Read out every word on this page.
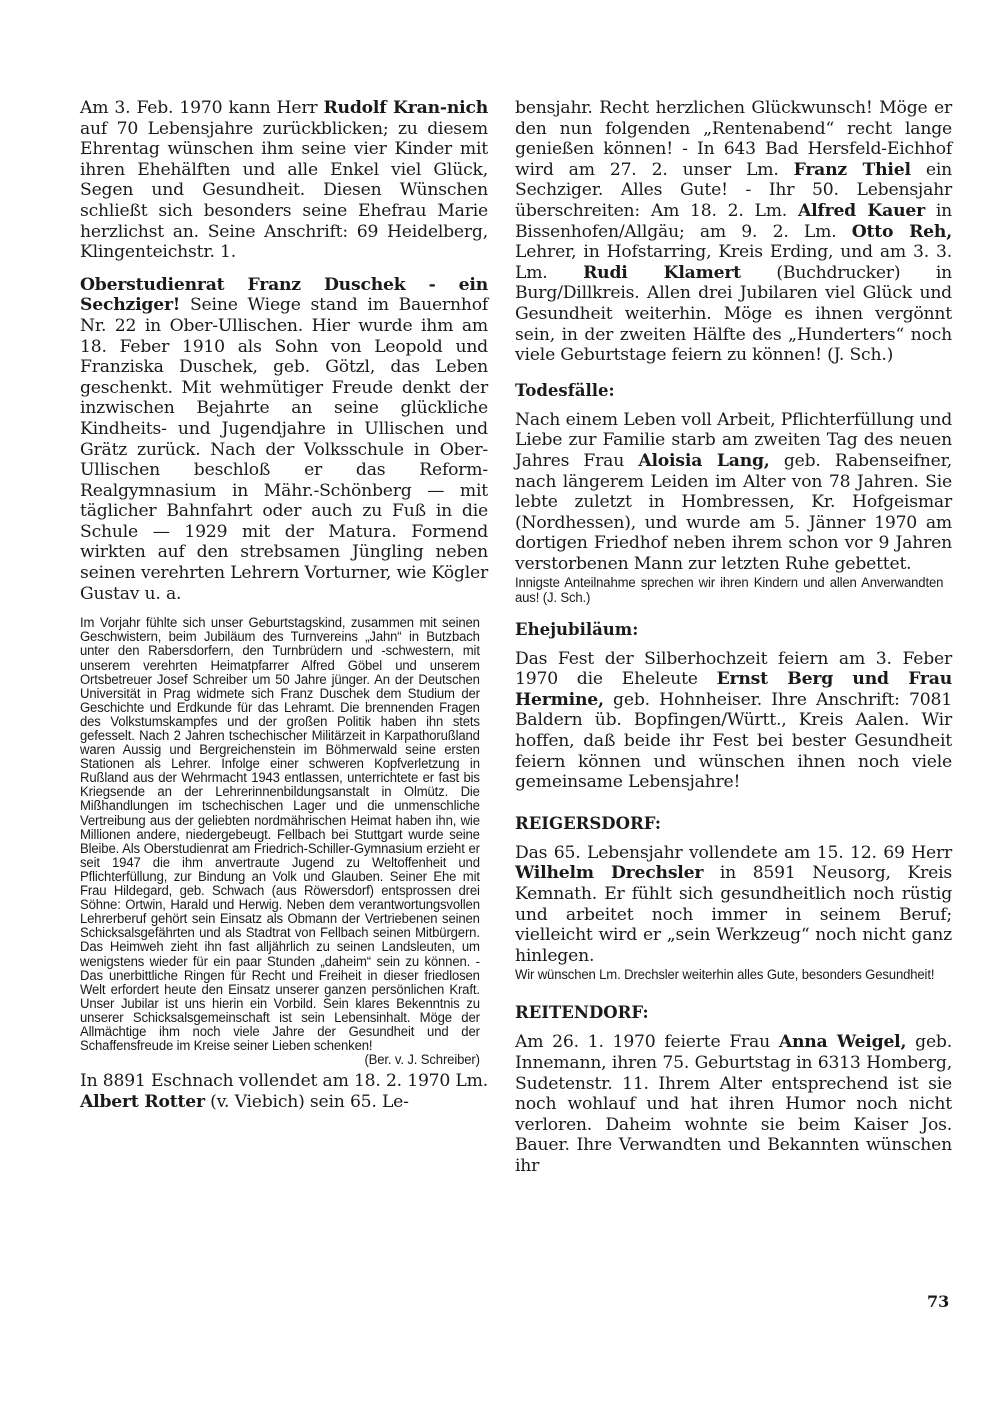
Am 3. Feb. 1970 kann Herr Rudolf Kran-nich auf 70 Lebensjahre zurückblicken; zu diesem Ehrentag wünschen ihm seine vier Kinder mit ihren Ehehälften und alle Enkel viel Glück, Segen und Gesundheit. Diesen Wünschen schließt sich besonders seine Ehefrau Marie herzlichst an. Seine Anschrift: 69 Heidelberg, Klingenteichstr. 1.

Oberstudienrat Franz Duschek - ein Sechziger! Seine Wiege stand im Bauernhof Nr. 22 in Ober-Ullischen. Hier wurde ihm am 18. Feber 1910 als Sohn von Leopold und Franziska Duschek, geb. Götzl, das Leben geschenkt. Mit wehmütiger Freude denkt der inzwischen Bejahrte an seine glückliche Kindheits- und Jugendjahre in Ullischen und Grätz zurück. Nach der Volksschule in Ober-Ullischen beschloß er das Reform-Realgymnasium in Mähr.-Schönberg — mit täglicher Bahnfahrt oder auch zu Fuß in die Schule — 1929 mit der Matura. Formend wirkten auf den strebsamen Jüngling neben seinen verehrten Lehrern Vorturner, wie Kögler Gustav u. a.

Im Vorjahr fühlte sich unser Geburtstagskind, zusammen mit seinen Geschwistern, beim Jubiläum des Turnvereins „Jahn“ in Butzbach unter den Rabersdorfern, den Turnbrüdern und -schwestern, mit unserem verehrten Heimatpfarrer Alfred Göbel und unserem Ortsbetreuer Josef Schreiber um 50 Jahre jünger. An der Deutschen Universität in Prag widmete sich Franz Duschek dem Studium der Geschichte und Erdkunde für das Lehramt. Die brennenden Fragen des Volkstumskampfes und der großen Politik haben ihn stets gefesselt. Nach 2 Jahren tschechischer Militärzeit in Karpathorußland waren Aussig und Bergreichenstein im Böhmerwald seine ersten Stationen als Lehrer. Infolge einer schweren Kopfverletzung in Rußland aus der Wehrmacht 1943 entlassen, unterrichtete er fast bis Kriegsende an der Lehrerinnenbildungsanstalt in Olmütz. Die Mißhandlungen im tschechischen Lager und die unmenschliche Vertreibung aus der geliebten nordmährischen Heimat haben ihn, wie Millionen andere, niedergebeugt. Fellbach bei Stuttgart wurde seine Bleibe. Als Oberstudienrat am Friedrich-Schiller-Gymnasium erzieht er seit 1947 die ihm anvertraute Jugend zu Weltoffenheit und Pflichterfüllung, zur Bindung an Volk und Glauben. Seiner Ehe mit Frau Hildegard, geb. Schwach (aus Röwersdorf) entsprossen drei Söhne: Ortwin, Harald und Herwig. Neben dem verantwortungsvollen Lehrerberuf gehört sein Einsatz als Obmann der Vertriebenen seinen Schicksalsgefährten und als Stadtrat von Fellbach seinen Mitbürgern. Das Heimweh zieht ihn fast alljährlich zu seinen Landsleuten, um wenigstens wieder für ein paar Stunden „daheim“ sein zu können. - Das unerbittliche Ringen für Recht und Freiheit in dieser friedlosen Welt erfordert heute den Einsatz unserer ganzen persönlichen Kraft. Unser Jubilar ist uns hierin ein Vorbild. Sein klares Bekenntnis zu unserer Schicksalsgemeinschaft ist sein Lebensinhalt. Möge der Allmächtige ihm noch viele Jahre der Gesundheit und der Schaffensfreude im Kreise seiner Lieben schenken!

(Ber. v. J. Schreiber)

In 8891 Eschnach vollendet am 18. 2. 1970 Lm. Albert Rotter (v. Viebich) sein 65. Le-

bensjahr. Recht herzlichen Glückwunsch! Möge er den nun folgenden „Rentenabend“ recht lange genießen können! - In 643 Bad Hersfeld-Eichhof wird am 27. 2. unser Lm. Franz Thiel ein Sechziger. Alles Gute! - Ihr 50. Lebensjahr überschreiten: Am 18. 2. Lm. Alfred Kauer in Bissenhofen/Allgäu; am 9. 2. Lm. Otto Reh, Lehrer, in Hofstarring, Kreis Erding, und am 3. 3. Lm. Rudi Klamert (Buchdrucker) in Burg/Dillkreis. Allen drei Jubilaren viel Glück und Gesundheit weiterhin. Möge es ihnen vergönnt sein, in der zweiten Hälfte des „Hunderters“ noch viele Geburtstage feiern zu können! (J. Sch.)

Todesfälle:

Nach einem Leben voll Arbeit, Pflichterfüllung und Liebe zur Familie starb am zweiten Tag des neuen Jahres Frau Aloisia Lang, geb. Rabenseifner, nach längerem Leiden im Alter von 78 Jahren. Sie lebte zuletzt in Hombressen, Kr. Hofgeismar (Nordhessen), und wurde am 5. Jänner 1970 am dortigen Friedhof neben ihrem schon vor 9 Jahren verstorbenen Mann zur letzten Ruhe gebettet.

Innigste Anteilnahme sprechen wir ihren Kindern und allen Anverwandten aus! (J. Sch.)

Ehejubiläum:

Das Fest der Silberhochzeit feiern am 3. Feber 1970 die Eheleute Ernst Berg und Frau Hermine, geb. Hohnheiser. Ihre Anschrift: 7081 Baldern üb. Bopfingen/Württ., Kreis Aalen. Wir hoffen, daß beide ihr Fest bei bester Gesundheit feiern können und wünschen ihnen noch viele gemeinsame Lebensjahre!

REIGERSDORF:

Das 65. Lebensjahr vollendete am 15. 12. 69 Herr Wilhelm Drechsler in 8591 Neusorg, Kreis Kemnath. Er fühlt sich gesundheitlich noch rüstig und arbeitet noch immer in seinem Beruf; vielleicht wird er „sein Werkzeug“ noch nicht ganz hinlegen.

Wir wünschen Lm. Drechsler weiterhin alles Gute, besonders Gesundheit!

REITENDORF:

Am 26. 1. 1970 feierte Frau Anna Weigel, geb. Innemann, ihren 75. Geburtstag in 6313 Homberg, Sudetenstr. 11. Ihrem Alter entsprechend ist sie noch wohlauf und hat ihren Humor noch nicht verloren. Daheim wohnte sie beim Kaiser Jos. Bauer. Ihre Verwandten und Bekannten wünschen ihr

73
